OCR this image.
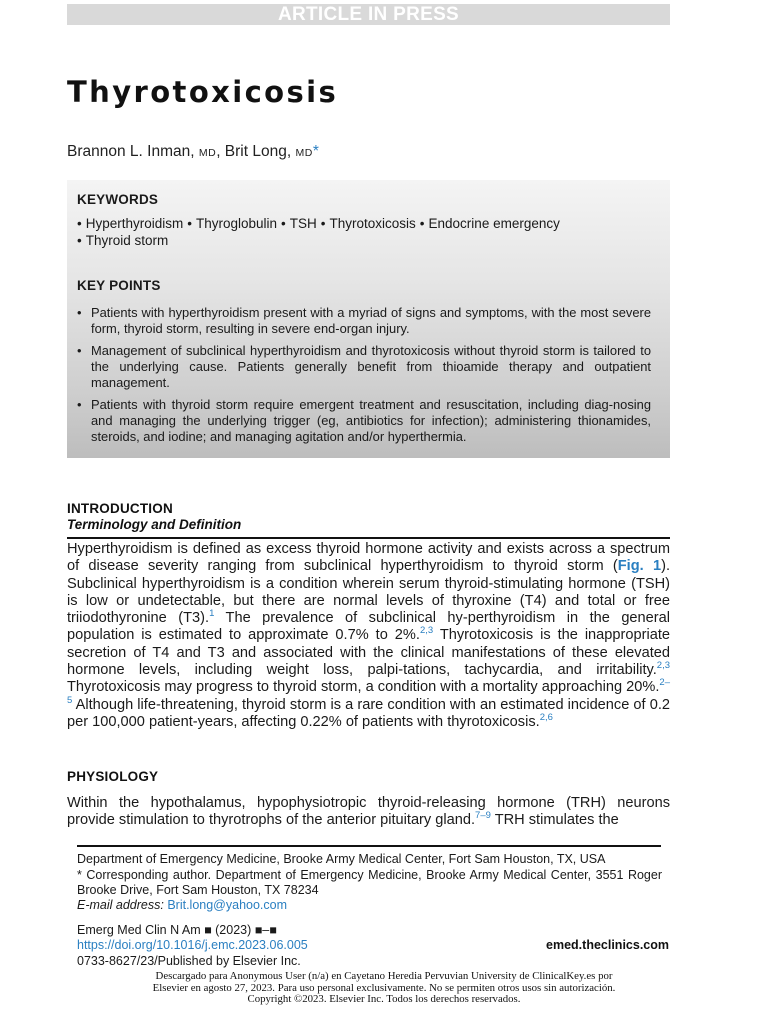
ARTICLE IN PRESS
Thyrotoxicosis
Brannon L. Inman, MD, Brit Long, MD*
KEYWORDS
• Hyperthyroidism • Thyroglobulin • TSH • Thyrotoxicosis • Endocrine emergency
• Thyroid storm
KEY POINTS
• Patients with hyperthyroidism present with a myriad of signs and symptoms, with the most severe form, thyroid storm, resulting in severe end-organ injury.
• Management of subclinical hyperthyroidism and thyrotoxicosis without thyroid storm is tailored to the underlying cause. Patients generally benefit from thioamide therapy and outpatient management.
• Patients with thyroid storm require emergent treatment and resuscitation, including diag-nosing and managing the underlying trigger (eg, antibiotics for infection); administering thionamides, steroids, and iodine; and managing agitation and/or hyperthermia.
INTRODUCTION
Terminology and Definition

Hyperthyroidism is defined as excess thyroid hormone activity and exists across a spectrum of disease severity ranging from subclinical hyperthyroidism to thyroid storm (Fig. 1). Subclinical hyperthyroidism is a condition wherein serum thyroid-stimulating hormone (TSH) is low or undetectable, but there are normal levels of thyroxine (T4) and total or free triiodothyronine (T3).$^1$ The prevalence of subclinical hy-perthyroidism in the general population is estimated to approximate 0.7% to 2%.$^{2,3}$ Thyrotoxicosis is the inappropriate secretion of T4 and T3 and associated with the clinical manifestations of these elevated hormone levels, including weight loss, palpi-tations, tachycardia, and irritability.$^{2,3}$ Thyrotoxicosis may progress to thyroid storm, a condition with a mortality approaching 20%.$^{2-5}$ Although life-threatening, thyroid storm is a rare condition with an estimated incidence of 0.2 per 100,000 patient-years, affecting 0.22% of patients with thyrotoxicosis.$^{2,6}$

PHYSIOLOGY

Within the hypothalamus, hypophysiotropic thyroid-releasing hormone (TRH) neurons provide stimulation to thyrotrophs of the anterior pituitary gland.$^{7-9}$ TRH stimulates the

Department of Emergency Medicine, Brooke Army Medical Center, Fort Sam Houston, TX, USA
* Corresponding author. Department of Emergency Medicine, Brooke Army Medical Center, 3551 Roger Brooke Drive, Fort Sam Houston, TX 78234
E-mail address: Brit.long@yahoo.com
Emerg Med Clin N Am ■ (2023) ■–■
https://doi.org/10.1016/j.emc.2023.06.005
0733-8627/23/Published by Elsevier Inc.
emed.theclinics.com
Descargado para Anonymous User (n/a) en Cayetano Heredia Pervuvian University de ClinicalKey.es por Elsevier en agosto 27, 2023. Para uso personal exclusivamente. No se permiten otros usos sin autorización. Copyright ©2023. Elsevier Inc. Todos los derechos reservados.
